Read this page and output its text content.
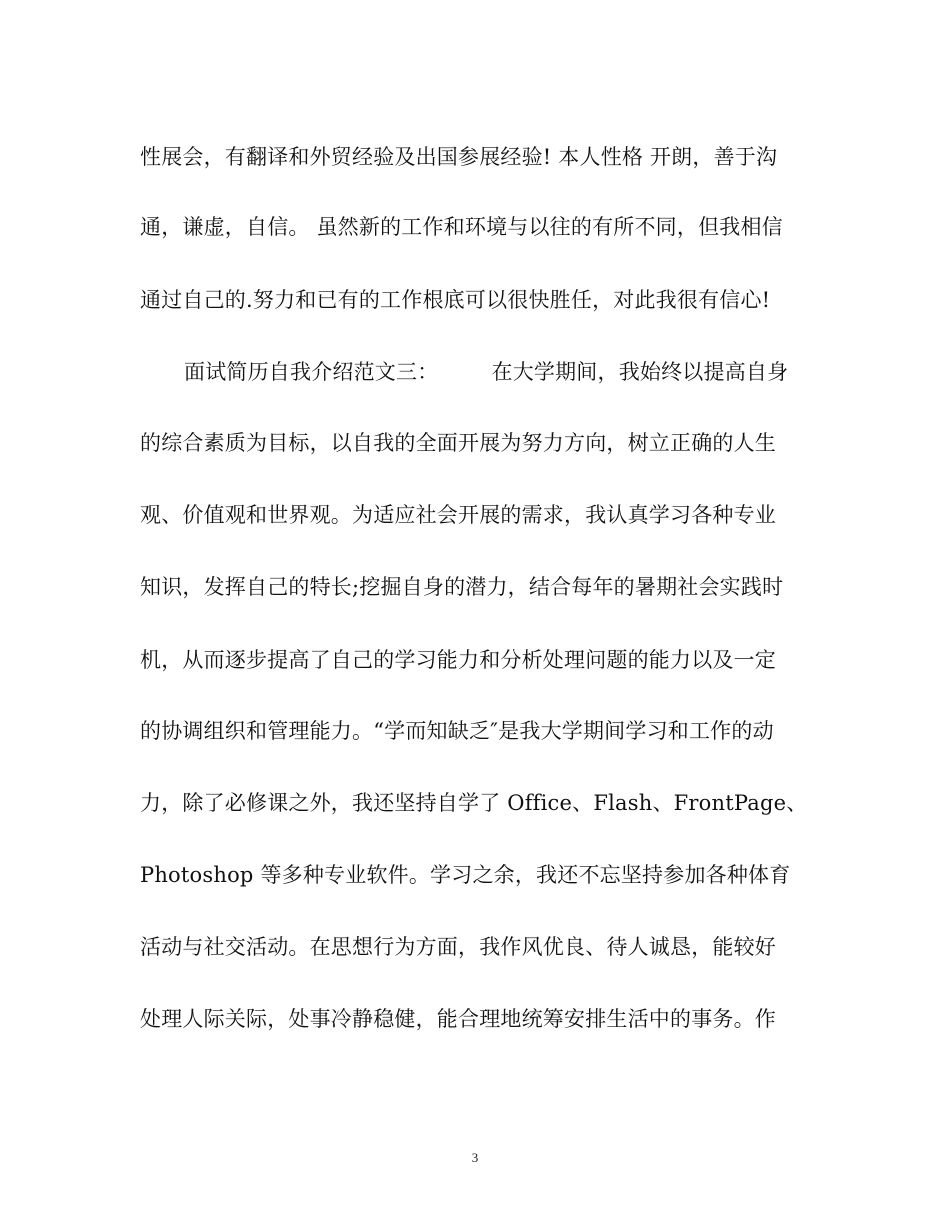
性展会，有翻译和外贸经验及出国参展经验! 本人性格 开朗，善于沟
通，谦虚，自信。 虽然新的工作和环境与以往的有所不同，但我相信
通过自己的.努力和已有的工作根底可以很快胜任，对此我很有信心!
面试简历自我介绍范文三：　　　在大学期间，我始终以提高自身
的综合素质为目标，以自我的全面开展为努力方向，树立正确的人生
观、价值观和世界观。为适应社会开展的需求，我认真学习各种专业
知识，发挥自己的特长;挖掘自身的潜力，结合每年的暑期社会实践时
机，从而逐步提高了自己的学习能力和分析处理问题的能力以及一定
的协调组织和管理能力。“学而知缺乏″是我大学期间学习和工作的动
力，除了必修课之外，我还坚持自学了 Office、Flash、FrontPage、
Photoshop 等多种专业软件。学习之余，我还不忘坚持参加各种体育
活动与社交活动。在思想行为方面，我作风优良、待人诚恳，能较好
处理人际关际，处事冷静稳健，能合理地统筹安排生活中的事务。作
3
